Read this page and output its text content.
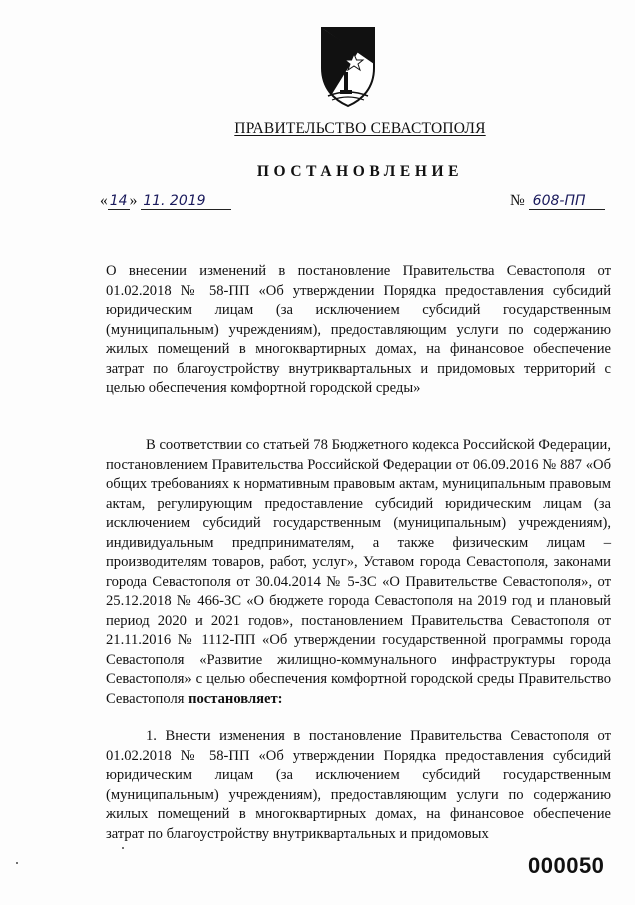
ПРАВИТЕЛЬСТВО СЕВАСТОПОЛЯ
ПОСТАНОВЛЕНИЕ
« 14 » 11. 2019	№ 608-ПП
О внесении изменений в постановление Правительства Севастополя от 01.02.2018 № 58-ПП «Об утверждении Порядка предоставления субсидий юридическим лицам (за исключением субсидий государственным (муниципальным) учреждениям), предоставляющим услуги по содержанию жилых помещений в многоквартирных домах, на финансовое обеспечение затрат по благоустройству внутриквартальных и придомовых территорий с целью обеспечения комфортной городской среды»
В соответствии со статьей 78 Бюджетного кодекса Российской Федерации, постановлением Правительства Российской Федерации от 06.09.2016 № 887 «Об общих требованиях к нормативным правовым актам, муниципальным правовым актам, регулирующим предоставление субсидий юридическим лицам (за исключением субсидий государственным (муниципальным) учреждениям), индивидуальным предпринимателям, а также физическим лицам – производителям товаров, работ, услуг», Уставом города Севастополя, законами города Севастополя от 30.04.2014 № 5-ЗС «О Правительстве Севастополя», от 25.12.2018 № 466-ЗС «О бюджете города Севастополя на 2019 год и плановый период 2020 и 2021 годов», постановлением Правительства Севастополя от 21.11.2016 № 1112-ПП «Об утверждении государственной программы города Севастополя «Развитие жилищно-коммунального инфраструктуры города Севастополя» с целью обеспечения комфортной городской среды Правительство Севастополя постановляет:
1. Внести изменения в постановление Правительства Севастополя от 01.02.2018 № 58-ПП «Об утверждении Порядка предоставления субсидий юридическим лицам (за исключением субсидий государственным (муниципальным) учреждениям), предоставляющим услуги по содержанию жилых помещений в многоквартирных домах, на финансовое обеспечение затрат по благоустройству внутриквартальных и придомовых
000050
